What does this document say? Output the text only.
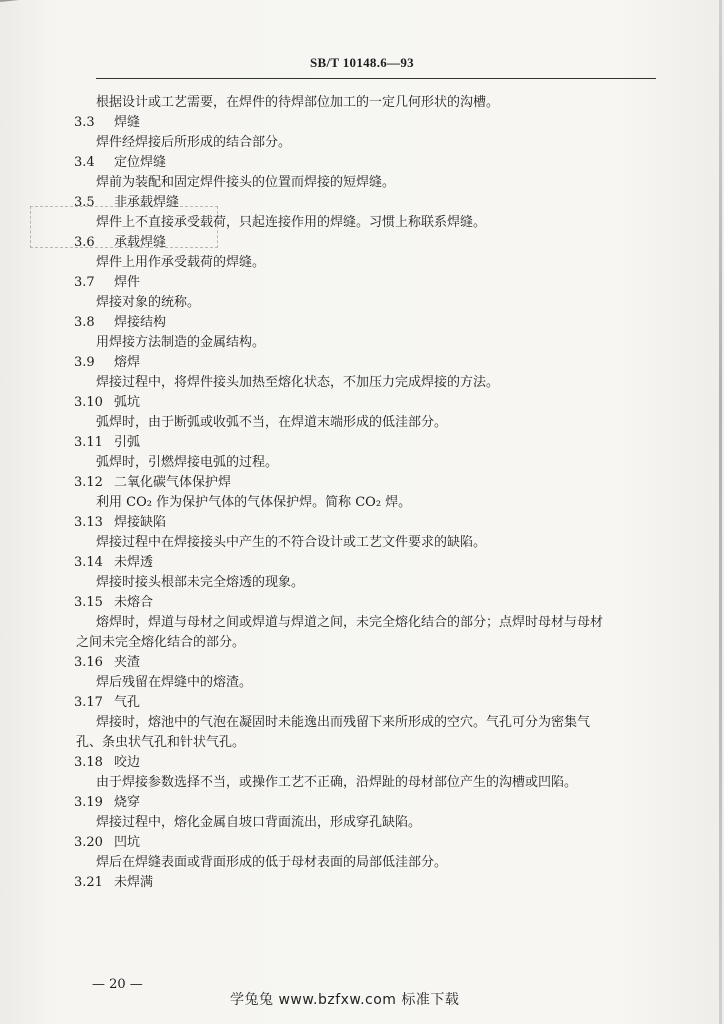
SB/T 10148.6—93
根据设计或工艺需要，在焊件的待焊部位加工的一定几何形状的沟槽。
3.3 焊缝
焊件经焊接后所形成的结合部分。
3.4 定位焊缝
焊前为装配和固定焊件接头的位置而焊接的短焊缝。
3.5 非承载焊缝
焊件上不直接承受载荷，只起连接作用的焊缝。习惯上称联系焊缝。
3.6 承载焊缝
焊件上用作承受载荷的焊缝。
3.7 焊件
焊接对象的统称。
3.8 焊接结构
用焊接方法制造的金属结构。
3.9 熔焊
焊接过程中，将焊件接头加热至熔化状态，不加压力完成焊接的方法。
3.10 弧坑
弧焊时，由于断弧或收弧不当，在焊道末端形成的低洼部分。
3.11 引弧
弧焊时，引燃焊接电弧的过程。
3.12 二氧化碳气体保护焊
利用 CO₂ 作为保护气体的气体保护焊。简称 CO₂ 焊。
3.13 焊接缺陷
焊接过程中在焊接接头中产生的不符合设计或工艺文件要求的缺陷。
3.14 未焊透
焊接时接头根部未完全熔透的现象。
3.15 未熔合
熔焊时，焊道与母材之间或焊道与焊道之间，未完全熔化结合的部分；点焊时母材与母材
之间未完全熔化结合的部分。
3.16 夹渣
焊后残留在焊缝中的熔渣。
3.17 气孔
焊接时，熔池中的气泡在凝固时未能逸出而残留下来所形成的空穴。气孔可分为密集气
孔、条虫状气孔和针状气孔。
3.18 咬边
由于焊接参数选择不当，或操作工艺不正确，沿焊趾的母材部位产生的沟槽或凹陷。
3.19 烧穿
焊接过程中，熔化金属自坡口背面流出，形成穿孔缺陷。
3.20 凹坑
焊后在焊缝表面或背面形成的低于母材表面的局部低洼部分。
3.21 未焊满
— 20 —
学兔兔 www.bzfxw.com 标准下载
